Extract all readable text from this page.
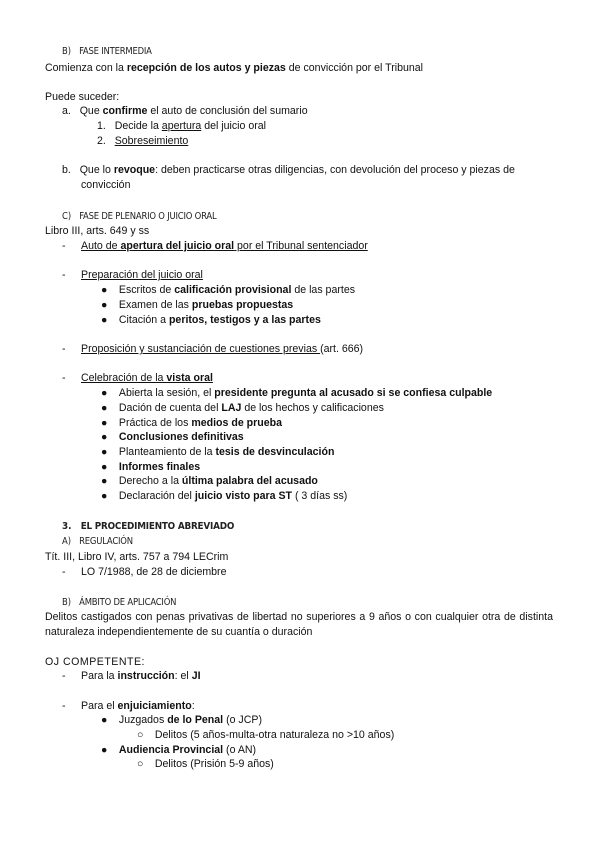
B) FASE INTERMEDIA
Comienza con la recepción de los autos y piezas de convicción por el Tribunal
Puede suceder:
a. Que confirme el auto de conclusión del sumario
1. Decide la apertura del juicio oral
2. Sobreseimiento
b. Que lo revoque: deben practicarse otras diligencias, con devolución del proceso y piezas de
convicción
C) FASE DE PLENARIO O JUICIO ORAL
Libro III, arts. 649 y ss
- Auto de apertura del juicio oral por el Tribunal sentenciador
- Preparación del juicio oral
● Escritos de calificación provisional de las partes
● Examen de las pruebas propuestas
● Citación a peritos, testigos y a las partes
- Proposición y sustanciación de cuestiones previas (art. 666)
- Celebración de la vista oral
● Abierta la sesión, el presidente pregunta al acusado si se confiesa culpable
● Dación de cuenta del LAJ de los hechos y calificaciones
● Práctica de los medios de prueba
● Conclusiones definitivas
● Planteamiento de la tesis de desvinculación
● Informes finales
● Derecho a la última palabra del acusado
● Declaración del juicio visto para ST ( 3 días ss)
3. EL PROCEDIMIENTO ABREVIADO
A) REGULACIÓN
Tít. III, Libro IV, arts. 757 a 794 LECrim
- LO 7/1988, de 28 de diciembre
B) ÁMBITO DE APLICACIÓN
Delitos castigados con penas privativas de libertad no superiores a 9 años o con cualquier otra de distinta naturaleza independientemente de su cuantía o duración
OJ COMPETENTE:
- Para la instrucción: el JI
- Para el enjuiciamiento:
● Juzgados de lo Penal (o JCP)
○ Delitos (5 años-multa-otra naturaleza no >10 años)
● Audiencia Provincial (o AN)
○ Delitos (Prisión 5-9 años)
